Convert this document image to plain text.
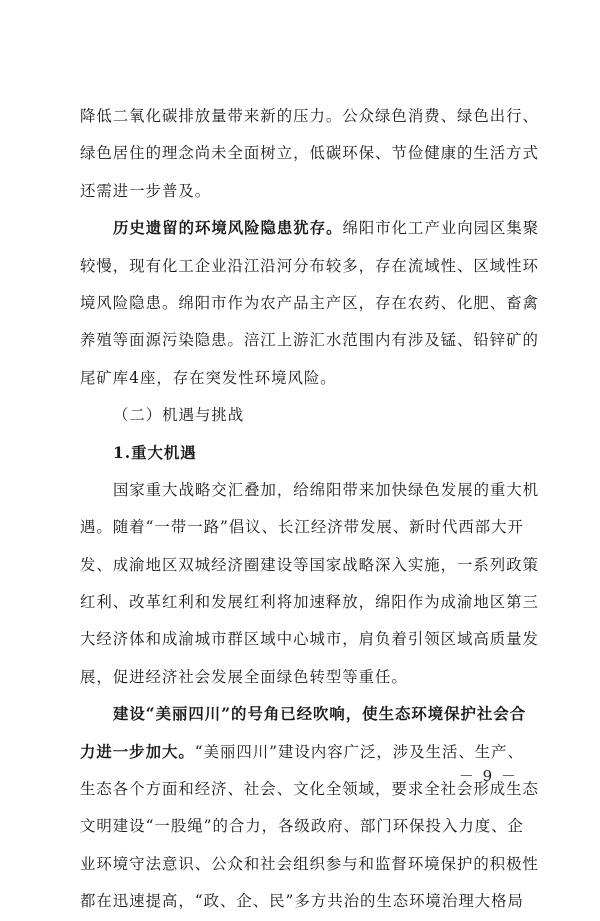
降低二氧化碳排放量带来新的压力。公众绿色消费、绿色出行、
绿色居住的理念尚未全面树立，低碳环保、节俭健康的生活方式
还需进一步普及。
历史遗留的环境风险隐患犹存。绵阳市化工产业向园区集聚
较慢，现有化工企业沿江沿河分布较多，存在流域性、区域性环
境风险隐患。绵阳市作为农产品主产区，存在农药、化肥、畜禽
养殖等面源污染隐患。涪江上游汇水范围内有涉及锰、铅锌矿的
尾矿库4座，存在突发性环境风险。
（二）机遇与挑战
1.重大机遇
国家重大战略交汇叠加，给绵阳带来加快绿色发展的重大机
遇。随着“一带一路”倡议、长江经济带发展、新时代西部大开
发、成渝地区双城经济圈建设等国家战略深入实施，一系列政策
红利、改革红利和发展红利将加速释放，绵阳作为成渝地区第三
大经济体和成渝城市群区域中心城市，肩负着引领区域高质量发
展，促进经济社会发展全面绿色转型等重任。
建设“美丽四川”的号角已经吹响，使生态环境保护社会合
力进一步加大。“美丽四川”建设内容广泛，涉及生活、生产、
生态各个方面和经济、社会、文化全领域，要求全社会形成生态
文明建设“一股绳”的合力，各级政府、部门环保投入力度、企
业环境守法意识、公众和社会组织参与和监督环境保护的积极性
都在迅速提高，“政、企、民”多方共治的生态环境治理大格局
－ 9 －
